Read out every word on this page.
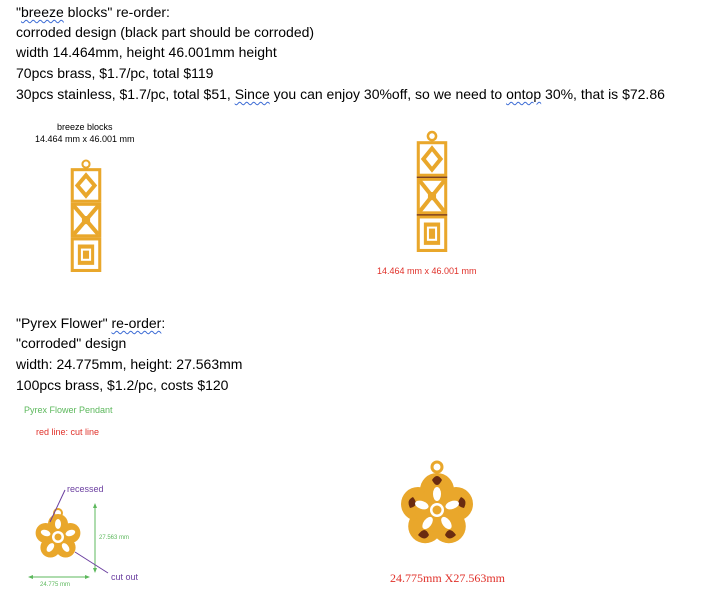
"breeze blocks" re-order:
corroded design (black part should be corroded)
width 14.464mm, height 46.001mm height
70pcs brass, $1.7/pc, total $119
30pcs stainless, $1.7/pc, total $51, Since you can enjoy 30%off, so we need to ontop 30%, that is $72.86
breeze blocks
14.464 mm x 46.001 mm
14.464 mm x 46.001 mm
"Pyrex Flower" re-order:
"corroded" design
width: 24.775mm, height: 27.563mm
100pcs brass, $1.2/pc, costs $120
Pyrex Flower Pendant
red line: cut line
recessed
cut out
27.563 mm
24.775 mm	24.775mm X27.563mm
